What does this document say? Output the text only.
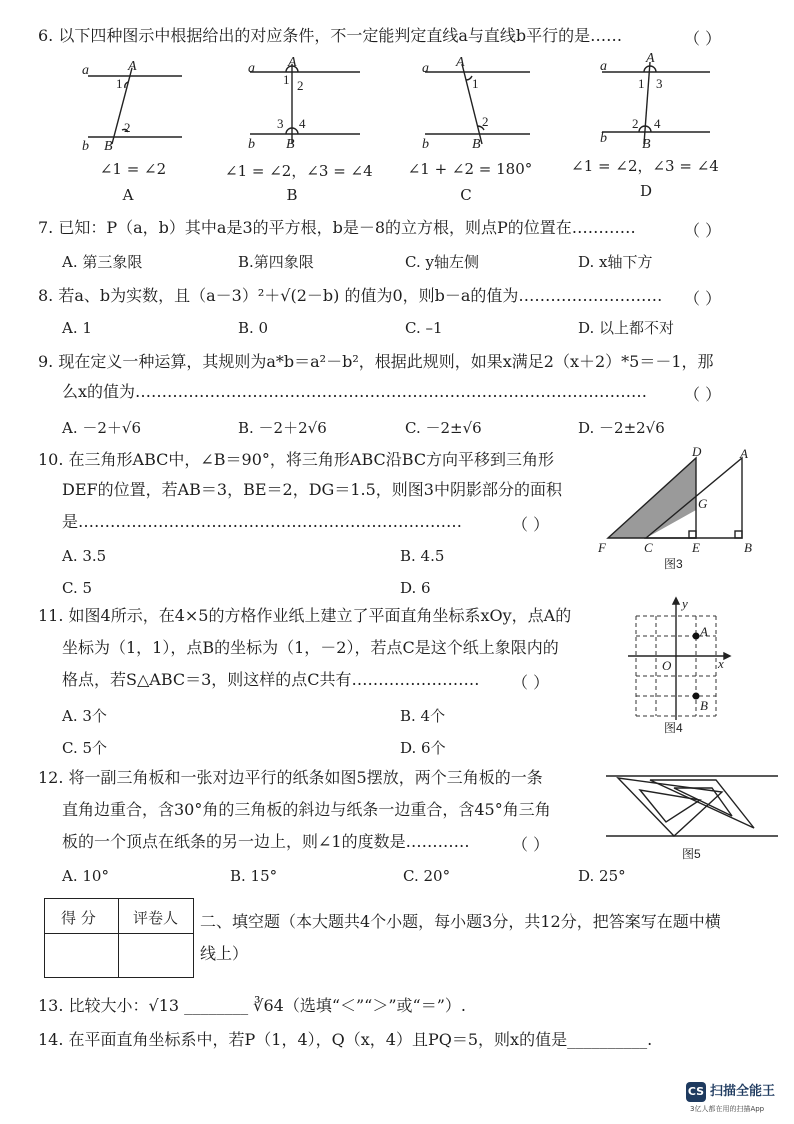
6. 以下四种图示中根据给出的对应条件，不一定能判定直线a与直线b平行的是……	（ ）
a	A
b B
a A
b B
a A
b	B
a
A
b	B
1
2
1 2
3 4
1
2
1 3
2 4
∠1 = ∠2	∠1 = ∠2，∠3 = ∠4	∠1 + ∠2 = 180°	∠1 = ∠2，∠3 = ∠4
A	B	C	D
7. 已知：P（a，b）其中a是3的平方根，b是－8的立方根，则点P的位置在…………	（ ）
A. 第三象限	B.第四象限	C. y轴左侧	D. x轴下方
8. 若a、b为实数，且（a－3）²＋√(2－b) 的值为0，则b－a的值为……………………… （ ）
A. 1	B. 0	C. –1	D. 以上都不对
9. 现在定义一种运算，其规则为a*b＝a²－b²，根据此规则，如果x满足2（x＋2）*5＝－1，那
么x的值为…………………………………………………………………………………… （ ）
A. －2＋√6	B. －2＋2√6	C. －2±√6	D. －2±2√6
10. 在三角形ABC中，∠B＝90°，将三角形ABC沿BC方向平移到三角形
DEF的位置，若AB＝3，BE＝2，DG＝1.5，则图3中阴影部分的面积
是………………………………………………………………	（ ）
A. 3.5	B. 4.5
C. 5	D. 6
D	A
G
F	C	E	B
图3
11. 如图4所示，在4×5的方格作业纸上建立了平面直角坐标系xOy，点A的
坐标为（1，1），点B的坐标为（1，－2），若点C是这个纸上象限内的
格点，若S△ABC＝3，则这样的点C共有…………………… （ ）
A. 3个	B. 4个
C. 5个	D. 6个
y
x
O
A
B
图4
12. 将一副三角板和一张对边平行的纸条如图5摆放，两个三角板的一条
直角边重合，含30°角的三角板的斜边与纸条一边重合，含45°角三角
板的一个顶点在纸条的另一边上，则∠1的度数是…………	（ ）
A. 10°	B. 15°	C. 20°	D. 25°
图5
得 分 评卷人 二、填空题（本大题共4个小题，每小题3分，共12分，把答案写在题中横
线上）
13. 比较大小：√13 ________ ∛64（选填“＜”“＞”或“＝”）.
14. 在平面直角坐标系中，若P（1，4），Q（x，4）且PQ＝5，则x的值是__________.
CS 扫描全能王
3亿人都在用的扫描App
